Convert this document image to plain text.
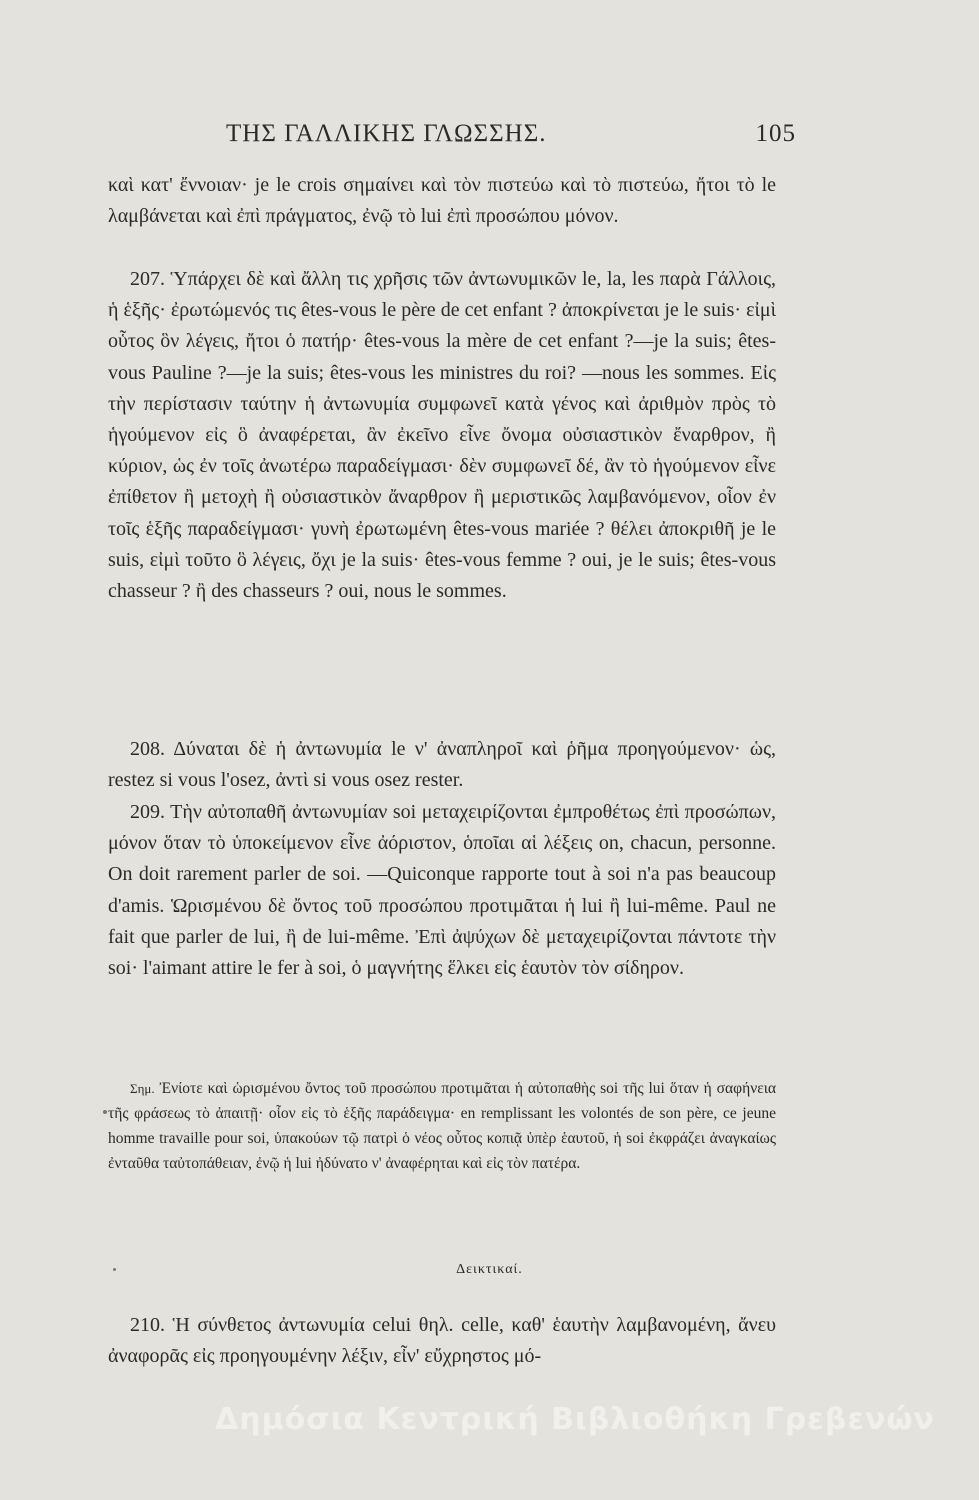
ΤΗΣ ΓΑΛΛΙΚΗΣ ΓΛΩΣΣΗΣ.	105

καὶ κατ' ἔννοιαν· je le crois σημαίνει καὶ τὸν πιστεύω καὶ τὸ πιστεύω, ἤτοι τὸ le λαμβάνεται καὶ ἐπὶ πράγματος, ἐνῷ τὸ lui ἐπὶ προσώπου μόνον.

207. Ὑπάρχει δὲ καὶ ἄλλη τις χρῆσις τῶν ἀντωνυμικῶν le, la, les παρὰ Γάλλοις, ἡ ἑξῆς· ἐρωτώμενός τις êtes-vous le père de cet enfant ? ἀποκρίνεται je le suis· εἰμὶ οὗτος ὃν λέγεις, ἤτοι ὁ πατήρ· êtes-vous la mère de cet enfant ?—je la suis; êtes-vous Pauline ?—je la suis; êtes-vous les ministres du roi? —nous les sommes. Εἰς τὴν περίστασιν ταύτην ἡ ἀντωνυμία συμφωνεῖ κατὰ γένος καὶ ἀριθμὸν πρὸς τὸ ἡγούμενον εἰς ὃ ἀναφέρεται, ἂν ἐκεῖνο εἶνε ὄνομα οὐσιαστικὸν ἔναρθρον, ἢ κύριον, ὡς ἐν τοῖς ἀνωτέρω παραδείγμασι· δὲν συμφωνεῖ δέ, ἂν τὸ ἡγούμενον εἶνε ἐπίθετον ἢ μετοχὴ ἢ οὐσιαστικὸν ἄναρθρον ἢ μεριστικῶς λαμβανόμενον, οἷον ἐν τοῖς ἑξῆς παραδείγμασι· γυνὴ ἐρωτωμένη êtes-vous mariée ? θέλει ἀποκριθῆ je le suis, εἰμὶ τοῦτο ὃ λέγεις, ὄχι je la suis· êtes-vous femme ? oui, je le suis; êtes-vous chasseur ? ἢ des chasseurs ? oui, nous le sommes.

208. Δύναται δὲ ἡ ἀντωνυμία le ν' ἀναπληροῖ καὶ ῥῆμα προηγούμενον· ὡς, restez si vous l'osez, ἀντὶ si vous osez rester.

209. Τὴν αὐτοπαθῆ ἀντωνυμίαν soi μεταχειρίζονται ἐμπροθέτως ἐπὶ προσώπων, μόνον ὅταν τὸ ὑποκείμενον εἶνε ἀόριστον, ὁποῖαι αἱ λέξεις on, chacun, personne. On doit rarement parler de soi. —Quiconque rapporte tout à soi n'a pas beaucoup d'amis. Ὡρισμένου δὲ ὄντος τοῦ προσώπου προτιμᾶται ἡ lui ἢ lui-même. Paul ne fait que parler de lui, ἢ de lui-même. Ἐπὶ ἀψύχων δὲ μεταχειρίζονται πάντοτε τὴν soi· l'aimant attire le fer à soi, ὁ μαγνήτης ἕλκει εἰς ἑαυτὸν τὸν σίδηρον.

Σημ. Ἐνίοτε καὶ ὡρισμένου ὄντος τοῦ προσώπου προτιμᾶται ἡ αὐτοπαθὴς soi τῆς lui ὅταν ἡ σαφήνεια τῆς φράσεως τὸ ἀπαιτῇ· οἷον εἰς τὸ ἑξῆς παράδειγμα· en remplissant les volontés de son père, ce jeune homme travaille pour soi, ὑπακούων τῷ πατρὶ ὁ νέος οὗτος κοπιᾷ ὑπὲρ ἑαυτοῦ, ἡ soi ἐκφράζει ἀναγκαίως ἐνταῦθα ταὐτοπάθειαν, ἐνῷ ἡ lui ἠδύνατο ν' ἀναφέρηται καὶ εἰς τὸν πατέρα.

Δεικτικαί.

210. Ἡ σύνθετος ἀντωνυμία celui θηλ. celle, καθ' ἑαυτὴν λαμβανομένη, ἄνευ ἀναφορᾶς εἰς προηγουμένην λέξιν, εἶν' εὔχρηστος μό-

Δημόσια Κεντρική Βιβλιοθήκη Γρεβενών
